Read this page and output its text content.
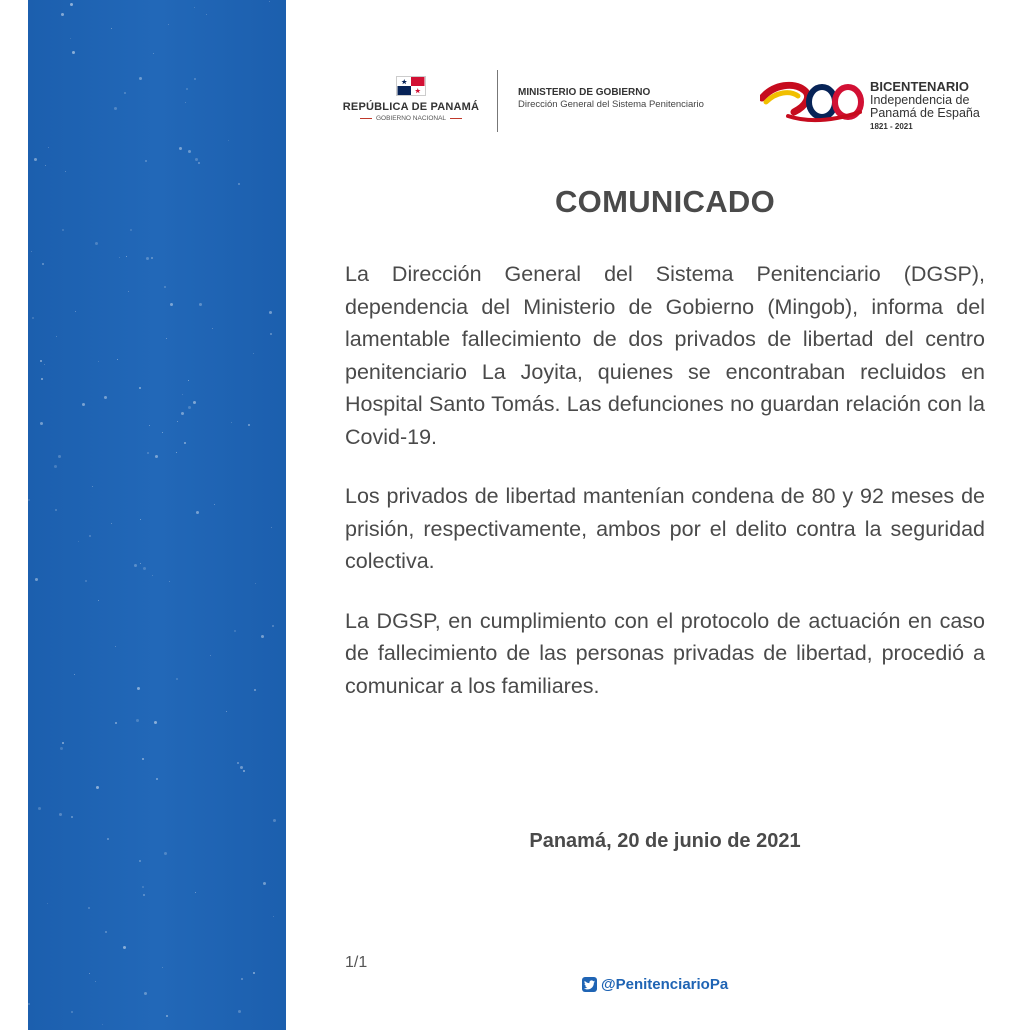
REPÚBLICA DE PANAMÁ
GOBIERNO NACIONAL
MINISTERIO DE GOBIERNO
Dirección General del Sistema Penitenciario
200
BICENTENARIO
Independencia de
Panamá de España
1821 - 2021
COMUNICADO

La Dirección General del Sistema Penitenciario (DGSP), dependencia del Ministerio de Gobierno (Mingob), informa del lamentable fallecimiento de dos privados de libertad del centro penitenciario La Joyita, quienes se encontraban recluidos en Hospital Santo Tomás. Las defunciones no guardan relación con la Covid-19.

Los privados de libertad mantenían condena de 80 y 92 meses de prisión, respectivamente, ambos por el delito contra la seguridad colectiva.

La DGSP, en cumplimiento con el protocolo de actuación en caso de fallecimiento de las personas privadas de libertad, procedió a comunicar a los familiares.

Panamá, 20 de junio de 2021
1/1
@PenitenciarioPa
